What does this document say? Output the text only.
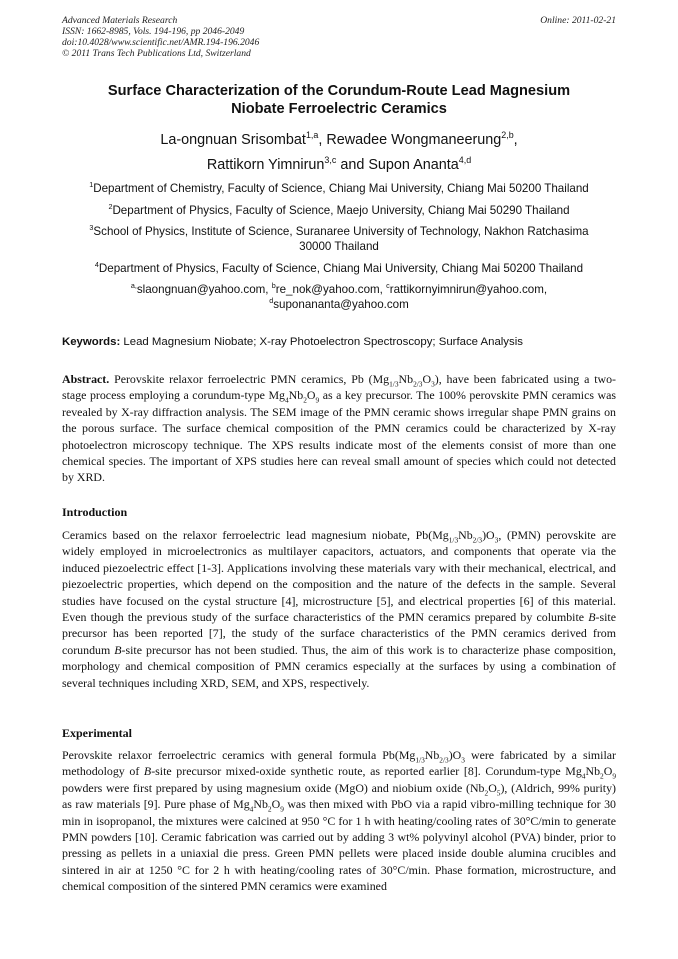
Advanced Materials Research
ISSN: 1662-8985, Vols. 194-196, pp 2046-2049
doi:10.4028/www.scientific.net/AMR.194-196.2046
© 2011 Trans Tech Publications Ltd, Switzerland
Online: 2011-02-21
Surface Characterization of the Corundum-Route Lead Magnesium
Niobate Ferroelectric Ceramics
La-ongnuan Srisombat$^{1,a}$, Rewadee Wongmaneerung$^{2,b}$,
Rattikorn Yimnirun$^{3,c}$ and Supon Ananta$^{4,d}$
$^1$Department of Chemistry, Faculty of Science, Chiang Mai University, Chiang Mai 50200 Thailand
$^2$Department of Physics, Faculty of Science, Maejo University, Chiang Mai 50290 Thailand
$^3$School of Physics, Institute of Science, Suranaree University of Technology, Nakhon Ratchasima
30000 Thailand
$^4$Department of Physics, Faculty of Science, Chiang Mai University, Chiang Mai 50200 Thailand
$^{a,}$slaongnuan@yahoo.com, $^b$re_nok@yahoo.com, $^c$rattikornyimnirun@yahoo.com,
$^d$suponananta@yahoo.com
Keywords: Lead Magnesium Niobate; X-ray Photoelectron Spectroscopy; Surface Analysis
Abstract. Perovskite relaxor ferroelectric PMN ceramics, Pb $(Mg_{1/3}Nb_{2/3}O_3)$, have been fabricated using a two-stage process employing a corundum-type $Mg_4Nb_2O_9$ as a key precursor. The 100% perovskite PMN ceramics was revealed by X-ray diffraction analysis. The SEM image of the PMN ceramic shows irregular shape PMN grains on the porous surface. The surface chemical composition of the PMN ceramics could be characterized by X-ray photoelectron microscopy technique. The XPS results indicate most of the elements consist of more than one chemical species. The important of XPS studies here can reveal small amount of species which could not detected by XRD.
Introduction
Ceramics based on the relaxor ferroelectric lead magnesium niobate, $Pb(Mg_{1/3}Nb_{2/3})O_3$, (PMN) perovskite are widely employed in microelectronics as multilayer capacitors, actuators, and components that operate via the induced piezoelectric effect [1-3]. Applications involving these materials vary with their mechanical, electrical, and piezoelectric properties, which depend on the composition and the nature of the defects in the sample. Several studies have focused on the cystal structure [4], microstructure [5], and electrical properties [6] of this material. Even though the previous study of the surface characteristics of the PMN ceramics prepared by columbite B-site precursor has been reported [7], the study of the surface characteristics of the PMN ceramics derived from corundum B-site precursor has not been studied. Thus, the aim of this work is to characterize phase composition, morphology and chemical composition of PMN ceramics especially at the surfaces by using a combination of several techniques including XRD, SEM, and XPS, respectively.
Experimental
Perovskite relaxor ferroelectric ceramics with general formula $Pb(Mg_{1/3}Nb_{2/3})O_3$ were fabricated by a similar methodology of B-site precursor mixed-oxide synthetic route, as reported earlier [8]. Corundum-type $Mg_4Nb_2O_9$ powders were first prepared by using magnesium oxide (MgO) and niobium oxide $(Nb_2O_5)$, (Aldrich, 99% purity) as raw materials [9]. Pure phase of $Mg_4Nb_2O_9$ was then mixed with PbO via a rapid vibro-milling technique for 30 min in isopropanol, the mixtures were calcined at 950 °C for 1 h with heating/cooling rates of 30°C/min to generate PMN powders [10]. Ceramic fabrication was carried out by adding 3 wt% polyvinyl alcohol (PVA) binder, prior to pressing as pellets in a uniaxial die press. Green PMN pellets were placed inside double alumina crucibles and sintered in air at 1250 °C for 2 h with heating/cooling rates of 30°C/min. Phase formation, microstructure, and chemical composition of the sintered PMN ceramics were examined
